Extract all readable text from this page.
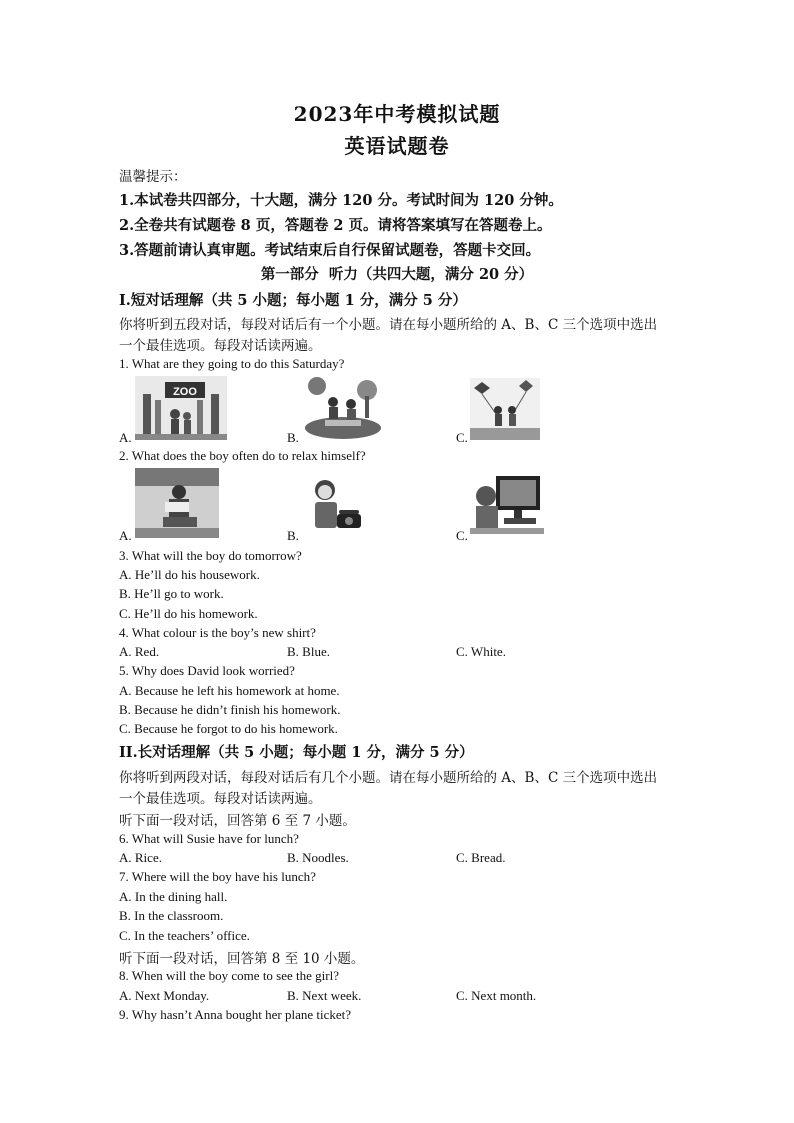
2023年中考模拟试题
英语试题卷
温馨提示：
1.本试卷共四部分，十大题，满分 120 分。考试时间为 120 分钟。
2.全卷共有试题卷 8 页，答题卷 2 页。请将答案填写在答题卷上。
3.答题前请认真审题。考试结束后自行保留试题卷，答题卡交回。
第一部分  听力（共四大题，满分 20 分）
I.短对话理解（共 5 小题；每小题 1 分，满分 5 分）
你将听到五段对话，每段对话后有一个小题。请在每小题所给的 A、B、C 三个选项中选出
一个最佳选项。每段对话读两遍。
1. What are they going to do this Saturday?
ZOO
A.	B.	C.
2. What does the boy often do to relax himself?
A.	B.	C.
3. What will the boy do tomorrow?
A. He’ll do his housework.
B. He’ll go to work.
C. He’ll do his homework.
4. What colour is the boy’s new shirt?
A. Red.	B. Blue.	C. White.
5. Why does David look worried?
A. Because he left his homework at home.
B. Because he didn’t finish his homework.
C. Because he forgot to do his homework.
II.长对话理解（共 5 小题；每小题 1 分，满分 5 分）
你将听到两段对话，每段对话后有几个小题。请在每小题所给的 A、B、C 三个选项中选出
一个最佳选项。每段对话读两遍。
听下面一段对话，回答第 6 至 7 小题。
6. What will Susie have for lunch?
A. Rice.	B. Noodles.	C. Bread.
7. Where will the boy have his lunch?
A. In the dining hall.
B. In the classroom.
C. In the teachers’ office.
听下面一段对话，回答第 8 至 10 小题。
8. When will the boy come to see the girl?
A. Next Monday.	B. Next week.	C. Next month.
9. Why hasn’t Anna bought her plane ticket?
